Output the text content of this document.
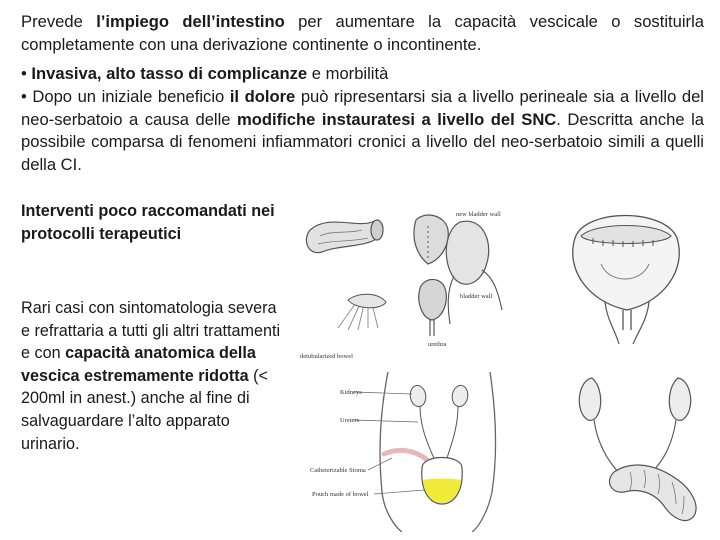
Prevede l’impiego dell’intestino per aumentare la capacità vescicale o sostituirla completamente con una derivazione continente o incontinente.
• Invasiva, alto tasso di complicanze e morbilità
• Dopo un iniziale beneficio il dolore può ripresentarsi sia a livello perineale sia a livello del neo-serbatoio a causa delle modifiche instauratesi a livello del SNC. Descritta anche la possibile comparsa di fenomeni infiammatori cronici a livello del neo-serbatoio simili a quelli della CI.
Interventi poco raccomandati nei protocolli terapeutici
Rari casi con sintomatologia severa e refrattaria a tutti gli altri trattamenti e con capacità anatomica della vescica estremamente ridotta (< 200ml in anest.) anche al fine di salvaguardare l’alto apparato urinario.
new bladder wall
bladder wall
urethra
detubularized bowel
Kidneys
Ureters
Catheterizable Stoma
Pouch made of bowel
